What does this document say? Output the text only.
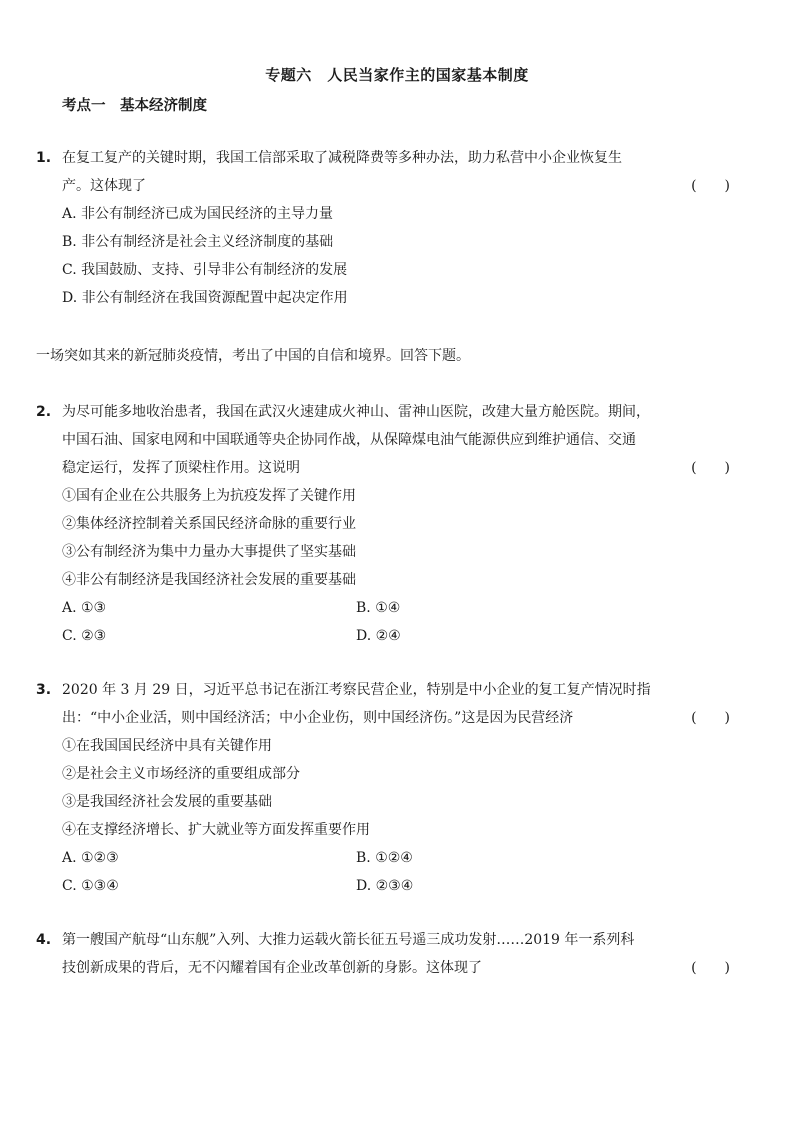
专题六　人民当家作主的国家基本制度
考点一　基本经济制度
1. 在复工复产的关键时期，我国工信部采取了减税降费等多种办法，助力私营中小企业恢复生
产。这体现了	(　　)
A. 非公有制经济已成为国民经济的主导力量
B. 非公有制经济是社会主义经济制度的基础
C. 我国鼓励、支持、引导非公有制经济的发展
D. 非公有制经济在我国资源配置中起决定作用
一场突如其来的新冠肺炎疫情，考出了中国的自信和境界。回答下题。
2. 为尽可能多地收治患者，我国在武汉火速建成火神山、雷神山医院，改建大量方舱医院。期间，
中国石油、国家电网和中国联通等央企协同作战，从保障煤电油气能源供应到维护通信、交通
稳定运行，发挥了顶梁柱作用。这说明	(　　)
①国有企业在公共服务上为抗疫发挥了关键作用
②集体经济控制着关系国民经济命脉的重要行业
③公有制经济为集中力量办大事提供了坚实基础
④非公有制经济是我国经济社会发展的重要基础
A. ①③	B. ①④
C. ②③	D. ②④
3. 2020 年 3 月 29 日，习近平总书记在浙江考察民营企业，特别是中小企业的复工复产情况时指
出：“中小企业活，则中国经济活；中小企业伤，则中国经济伤。”这是因为民营经济	(　　)
①在我国国民经济中具有关键作用
②是社会主义市场经济的重要组成部分
③是我国经济社会发展的重要基础
④在支撑经济增长、扩大就业等方面发挥重要作用
A. ①②③	B. ①②④
C. ①③④	D. ②③④
4. 第一艘国产航母“山东舰”入列、大推力运载火箭长征五号遥三成功发射……2019 年一系列科
技创新成果的背后，无不闪耀着国有企业改革创新的身影。这体现了	(　　)
